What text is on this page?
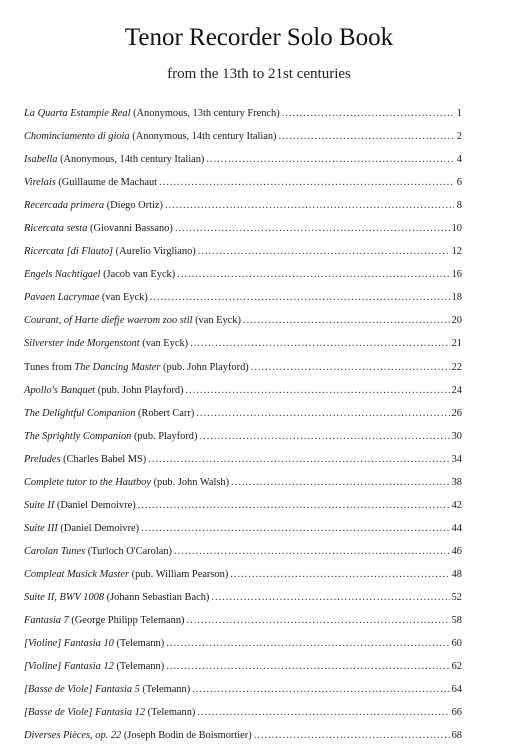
Tenor Recorder Solo Book
from the 13th to 21st centuries
La Quarta Estampie Real (Anonymous, 13th century French) . . .	1
Chominciamento di gioia (Anonymous, 14th century Italian) . . .	2
Isabella (Anonymous, 14th century Italian) . . .	4
Virelais (Guillaume de Machaut . . .	6
Recercada primera (Diego Ortiz) . . .	8
Ricercata sesta (Giovanni Bassano) . . .	10
Ricercata [di Flauto] (Aurelio Virgliano) . . .	12
Engels Nachtigael (Jacob van Eyck) . . .	16
Pavaen Lacrymae (van Eyck) . . .	18
Courant, of Harte diefje waerom zoo stil (van Eyck) . . .	20
Silverster inde Morgenstont (van Eyck) . . .	21
Tunes from The Dancing Master (pub. John Playford) . . .	22
Apollo's Banquet (pub. John Playford) . . .	24
The Delightful Companion (Robert Carr) . . .	26
The Sprightly Companion (pub. Playford) . . .	30
Preludes (Charles Babel MS) . . .	34
Complete tutor to the Hautboy (pub. John Walsh) . . .	38
Suite II (Daniel Demoivre) . . .	42
Suite III (Daniel Demoivre) . . .	44
Carolan Tunes (Turloch O'Carolan) . . .	46
Compleat Musick Master (pub. William Pearson) . . .	48
Suite II, BWV 1008 (Johann Sebastian Bach) . . .	52
Fantasia 7 (George Philipp Telemann) . . .	58
[Violine] Fantasia 10 (Telemann) . . .	60
[Violine] Fantasia 12 (Telemann) . . .	62
[Basse de Viole] Fantasia 5 (Telemann) . . .	64
[Basse de Viole] Fantasia 12 (Telemann) . . .	66
Diverses Pièces, op. 22 (Joseph Bodin de Boismortier) . . .	68
